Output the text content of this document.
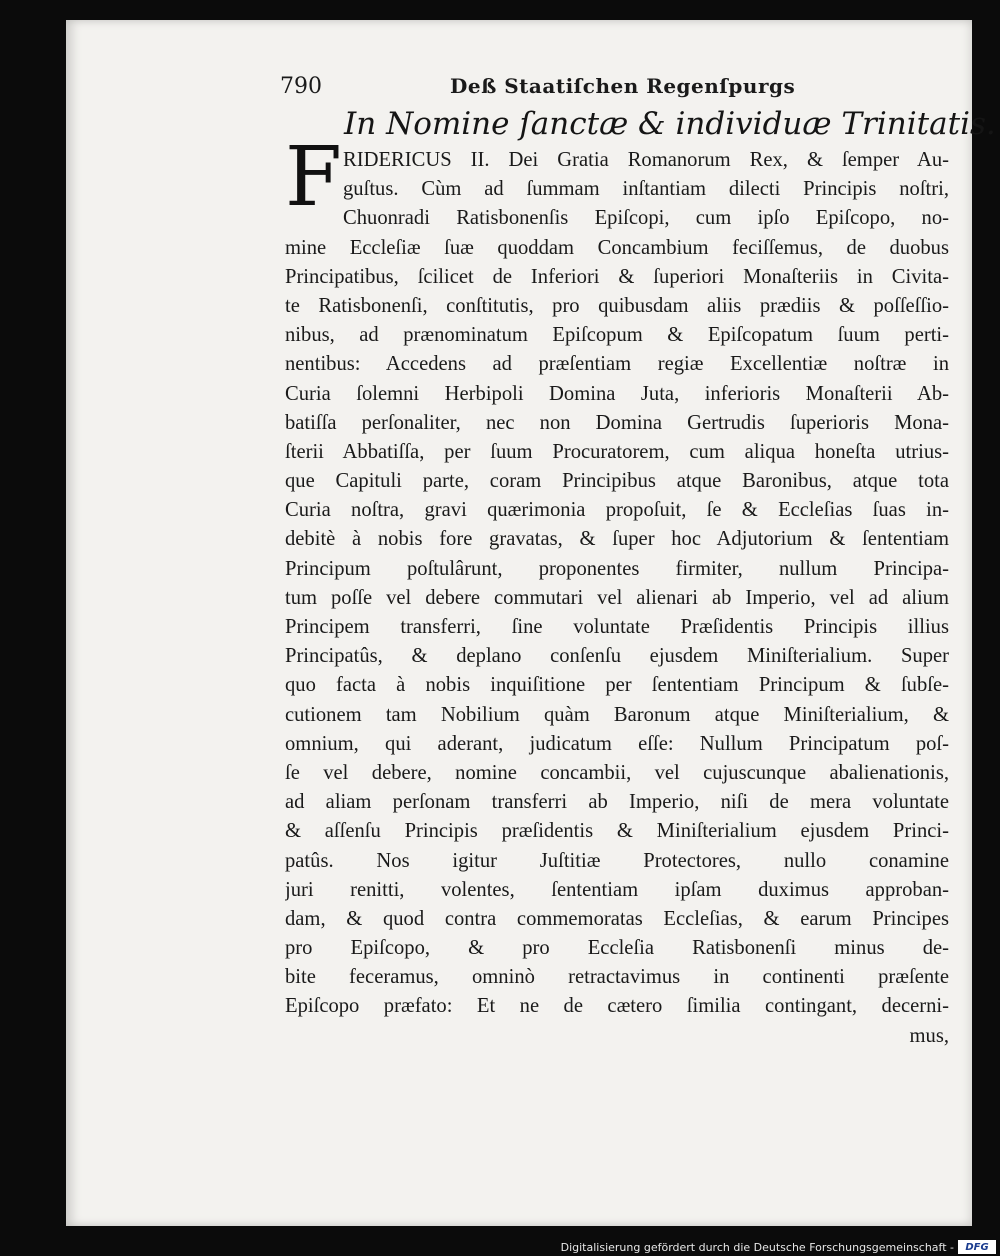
790	Deß Staatiſchen Regenſpurgs
In Nomine ſanctæ & individuæ Trinitatis.
F RIDERICUS II. Dei Gratia Romanorum Rex, & ſemper Au-
guſtus. Cùm ad ſummam inſtantiam dilecti Principis noſtri,
Chuonradi Ratisbonenſis Epiſcopi, cum ipſo Epiſcopo, no-
mine Eccleſiæ ſuæ quoddam Concambium feciſſemus, de duobus
Principatibus, ſcilicet de Inferiori & ſuperiori Monaſteriis in Civita-
te Ratisbonenſi, conſtitutis, pro quibusdam aliis prædiis & poſſeſſio-
nibus, ad prænominatum Epiſcopum & Epiſcopatum ſuum perti-
nentibus: Accedens ad præſentiam regiæ Excellentiæ noſtræ in
Curia ſolemni Herbipoli Domina Juta, inferioris Monaſterii Ab-
batiſſa perſonaliter, nec non Domina Gertrudis ſuperioris Mona-
ſterii Abbatiſſa, per ſuum Procuratorem, cum aliqua honeſta utrius-
que Capituli parte, coram Principibus atque Baronibus, atque tota
Curia noſtra, gravi quærimonia propoſuit, ſe & Eccleſias ſuas in-
debitè à nobis fore gravatas, & ſuper hoc Adjutorium & ſententiam
Principum poſtulârunt, proponentes firmiter, nullum Principa-
tum poſſe vel debere commutari vel alienari ab Imperio, vel ad alium
Principem transferri, ſine voluntate Præſidentis Principis illius
Principatûs, & deplano conſenſu ejusdem Miniſterialium. Super
quo facta à nobis inquiſitione per ſententiam Principum & ſubſe-
cutionem tam Nobilium quàm Baronum atque Miniſterialium, &
omnium, qui aderant, judicatum eſſe: Nullum Principatum poſ-
ſe vel debere, nomine concambii, vel cujuscunque abalienationis,
ad aliam perſonam transferri ab Imperio, niſi de mera voluntate
& aſſenſu Principis præſidentis & Miniſterialium ejusdem Princi-
patûs. Nos igitur Juſtitiæ Protectores, nullo conamine
juri renitti, volentes, ſententiam ipſam duximus approban-
dam, & quod contra commemoratas Eccleſias, & earum Principes
pro Epiſcopo, & pro Eccleſia Ratisbonenſi minus de-
bite feceramus, omninò retractavimus in continenti præſente
Epiſcopo præfato: Et ne de cætero ſimilia contingant, decerni-
mus,
Digitalisierung gefördert durch die Deutsche Forschungsgemeinschaft -	DFG
